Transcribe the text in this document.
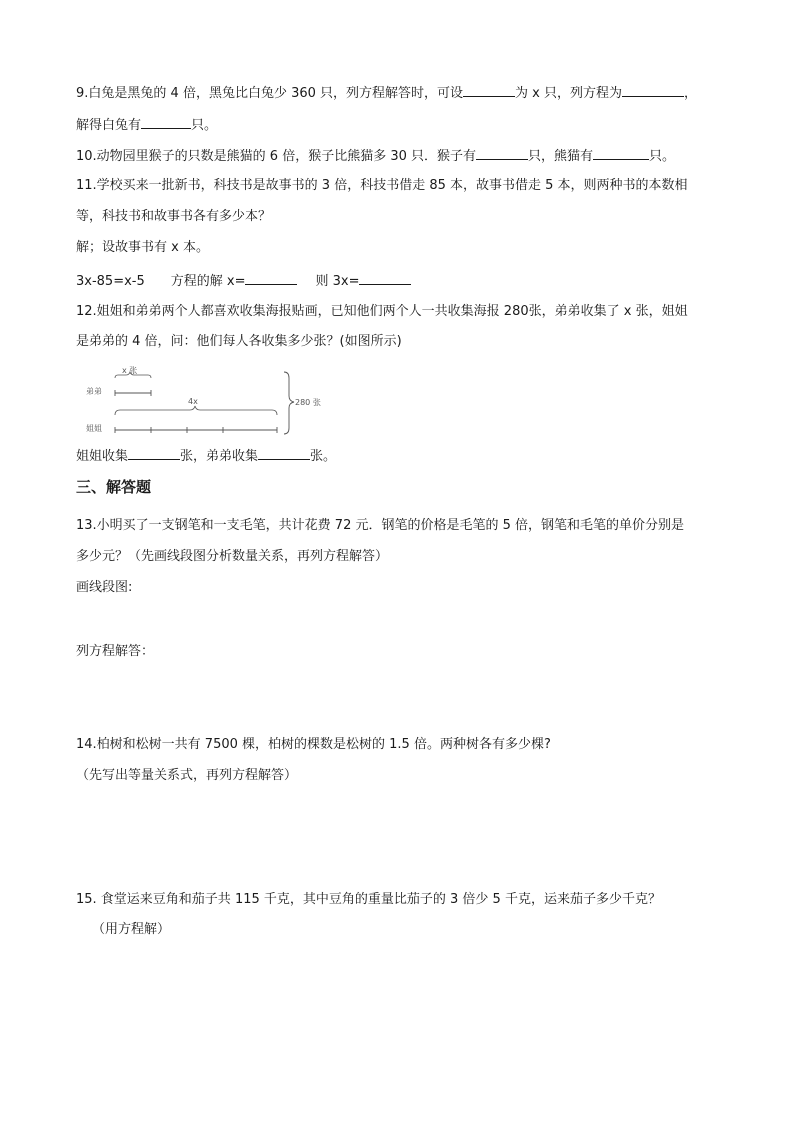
9.白兔是黑兔的 4 倍，黑兔比白兔少 360 只，列方程解答时，可设	为 x 只，列方程为	，
解得白兔有	只。
10.动物园里猴子的只数是熊猫的 6 倍，猴子比熊猫多 30 只．猴子有	只，熊猫有	只。
11.学校买来一批新书，科技书是故事书的 3 倍，科技书借走 85 本，故事书借走 5 本，则两种书的本数相
等，科技书和故事书各有多少本？
解；设故事书有 x 本。
3x-85=x-5 方程的解 x=	则 3x=
12.姐姐和弟弟两个人都喜欢收集海报贴画，已知他们两个人一共收集海报 280张，弟弟收集了 x 张，姐姐
是弟弟的 4 倍，问：他们每人各收集多少张？(如图所示)
弟弟
x 张
4x
姐姐
280 张
姐姐收集	张，弟弟收集	张。
三、解答题
13.小明买了一支钢笔和一支毛笔，共计花费 72 元．钢笔的价格是毛笔的 5 倍，钢笔和毛笔的单价分别是
多少元？（先画线段图分析数量关系，再列方程解答）
画线段图:
列方程解答：
14.柏树和松树一共有 7500 棵，柏树的棵数是松树的 1.5 倍。两种树各有多少棵?
（先写出等量关系式，再列方程解答）
15. 食堂运来豆角和茄子共 115 千克，其中豆角的重量比茄子的 3 倍少 5 千克，运来茄子多少千克？
（用方程解）
